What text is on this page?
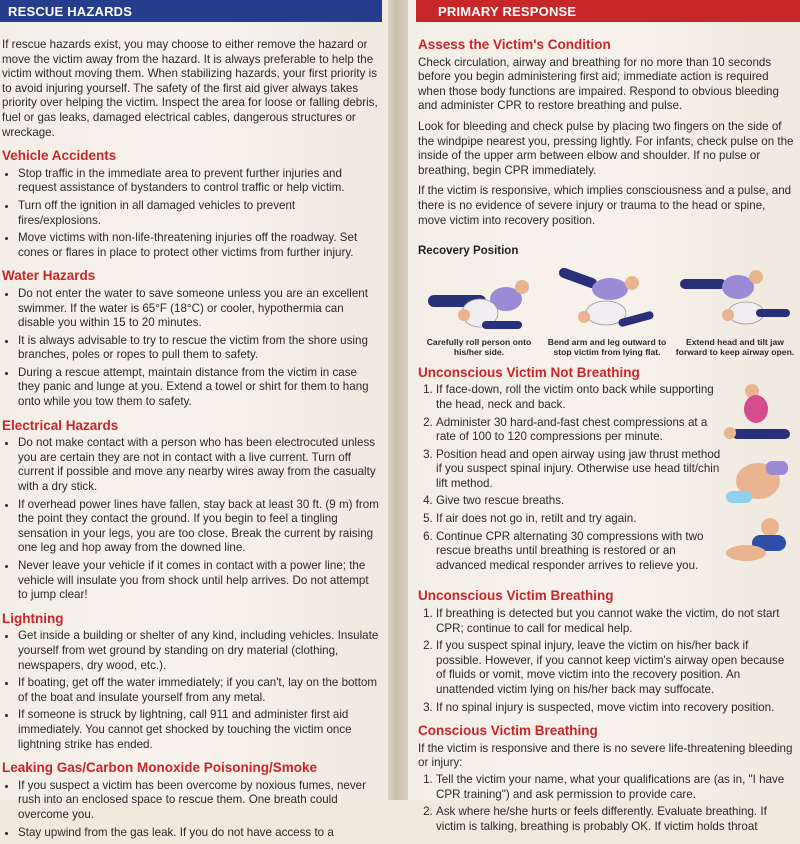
RESCUE HAZARDS

If rescue hazards exist, you may choose to either remove the hazard or move the victim away from the hazard. It is always preferable to help the victim without moving them. When stabilizing hazards, your first priority is to avoid injuring yourself. The safety of the first aid giver always takes priority over helping the victim. Inspect the area for loose or falling debris, fuel or gas leaks, damaged electrical cables, dangerous structures or wreckage.

Vehicle Accidents
• Stop traffic in the immediate area to prevent further injuries and request assistance of bystanders to control traffic or help victim.
• Turn off the ignition in all damaged vehicles to prevent fires/explosions.
• Move victims with non-life-threatening injuries off the roadway. Set cones or flares in place to protect other victims from further injury.
Water Hazards
• Do not enter the water to save someone unless you are an excellent swimmer. If the water is 65°F (18°C) or cooler, hypothermia can disable you within 15 to 20 minutes.
• It is always advisable to try to rescue the victim from the shore using branches, poles or ropes to pull them to safety.
• During a rescue attempt, maintain distance from the victim in case they panic and lunge at you. Extend a towel or shirt for them to hang onto while you tow them to safety.
Electrical Hazards
• Do not make contact with a person who has been electrocuted unless you are certain they are not in contact with a live current. Turn off current if possible and move any nearby wires away from the casualty with a dry stick.
• If overhead power lines have fallen, stay back at least 30 ft. (9 m) from the point they contact the ground. If you begin to feel a tingling sensation in your legs, you are too close. Break the current by raising one leg and hop away from the downed line.
• Never leave your vehicle if it comes in contact with a power line; the vehicle will insulate you from shock until help arrives. Do not attempt to jump clear!
Lightning
• Get inside a building or shelter of any kind, including vehicles. Insulate yourself from wet ground by standing on dry material (clothing, newspapers, dry wood, etc.).
• If boating, get off the water immediately; if you can't, lay on the bottom of the boat and insulate yourself from any metal.
• If someone is struck by lightning, call 911 and administer first aid immediately. You cannot get shocked by touching the victim once lightning strike has ended.
Leaking Gas/Carbon Monoxide Poisoning/Smoke
• If you suspect a victim has been overcome by noxious fumes, never rush into an enclosed space to rescue them. One breath could overcome you.
• Stay upwind from the gas leak. If you do not have access to a
PRIMARY RESPONSE
Assess the Victim's Condition

Check circulation, airway and breathing for no more than 10 seconds before you begin administering first aid; immediate action is required when those body functions are impaired. Respond to obvious bleeding and administer CPR to restore breathing and pulse.

Look for bleeding and check pulse by placing two fingers on the side of the windpipe nearest you, pressing lightly. For infants, check pulse on the inside of the upper arm between elbow and shoulder. If no pulse or breathing, begin CPR immediately.

If the victim is responsive, which implies consciousness and a pulse, and there is no evidence of severe injury or trauma to the head or spine, move victim into recovery position.

Recovery Position
Carefully roll person onto his/her side.
Bend arm and leg outward to stop victim from lying flat.
Extend head and tilt jaw forward to keep airway open.
Unconscious Victim Not Breathing
1. If face-down, roll the victim onto back while supporting the head, neck and back.
2. Administer 30 hard-and-fast chest compressions at a rate of 100 to 120 compressions per minute.
3. Position head and open airway using jaw thrust method if you suspect spinal injury. Otherwise use head tilt/chin lift method.
4. Give two rescue breaths.
5. If air does not go in, retilt and try again.
6. Continue CPR alternating 30 compressions with two rescue breaths until breathing is restored or an advanced medical responder arrives to relieve you.
Unconscious Victim Breathing
1. If breathing is detected but you cannot wake the victim, do not start CPR; continue to call for medical help.
2. If you suspect spinal injury, leave the victim on his/her back if possible. However, if you cannot keep victim's airway open because of fluids or vomit, move victim into the recovery position. An unattended victim lying on his/her back may suffocate.
3. If no spinal injury is suspected, move victim into recovery position.
Conscious Victim Breathing

If the victim is responsive and there is no severe life-threatening bleeding or injury:

1. Tell the victim your name, what your qualifications are (as in, "I have CPR training") and ask permission to provide care.
2. Ask where he/she hurts or feels differently. Evaluate breathing. If victim is talking, breathing is probably OK. If victim holds throat
